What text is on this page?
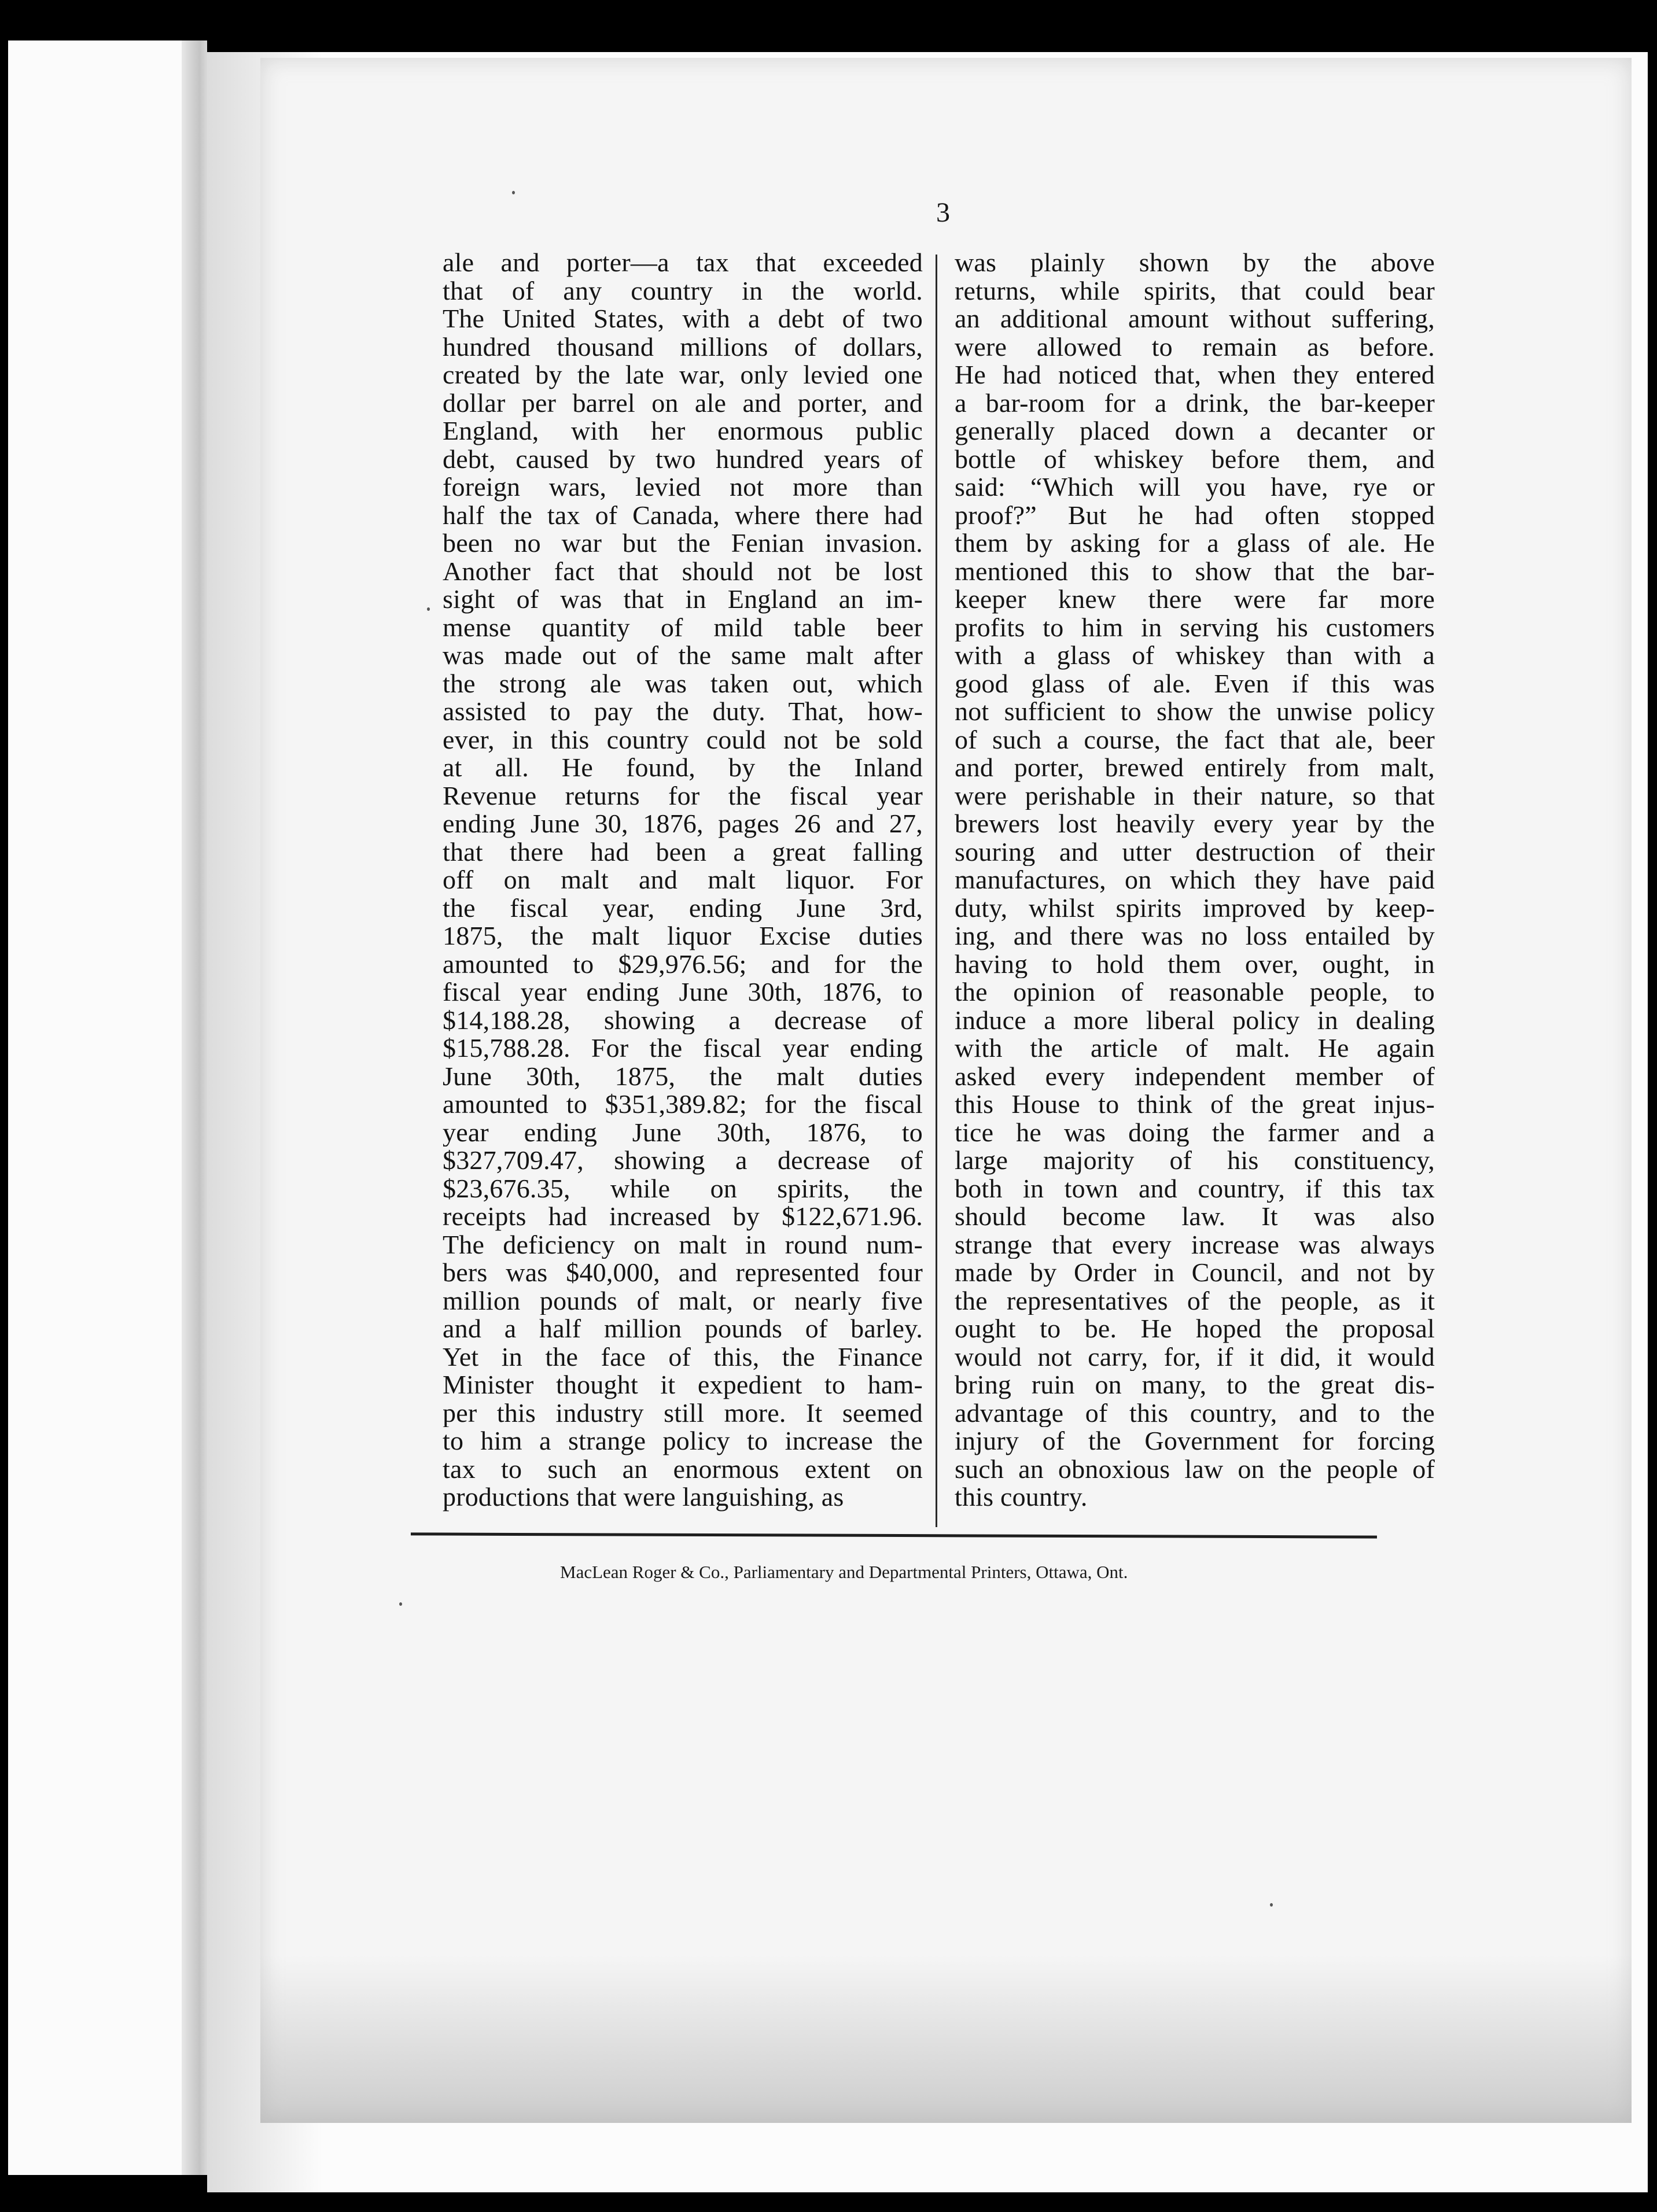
3

ale and porter—a tax that exceeded

that of any country in the world.

The United States, with a debt of two

hundred thousand millions of dollars,

created by the late war, only levied one

dollar per barrel on ale and porter, and

England, with her enormous public

debt, caused by two hundred years of

foreign wars, levied not more than

half the tax of Canada, where there had

been no war but the Fenian invasion.

Another fact that should not be lost

sight of was that in England an im-

mense quantity of mild table beer

was made out of the same malt after

the strong ale was taken out, which

assisted to pay the duty. That, how-

ever, in this country could not be sold

at all. He found, by the Inland

Revenue returns for the fiscal year

ending June 30, 1876, pages 26 and 27,

that there had been a great falling

off on malt and malt liquor. For

the fiscal year, ending June 3rd,

1875, the malt liquor Excise duties

amounted to $29,976.56; and for the

fiscal year ending June 30th, 1876, to

$14,188.28, showing a decrease of

$15,788.28. For the fiscal year ending

June 30th, 1875, the malt duties

amounted to $351,389.82; for the fiscal

year ending June 30th, 1876, to

$327,709.47, showing a decrease of

$23,676.35, while on spirits, the

receipts had increased by $122,671.96.

The deficiency on malt in round num-

bers was $40,000, and represented four

million pounds of malt, or nearly five

and a half million pounds of barley.

Yet in the face of this, the Finance

Minister thought it expedient to ham-

per this industry still more. It seemed

to him a strange policy to increase the

tax to such an enormous extent on

productions that were languishing, as

was plainly shown by the above

returns, while spirits, that could bear

an additional amount without suffering,

were allowed to remain as before.

He had noticed that, when they entered

a bar-room for a drink, the bar-keeper

generally placed down a decanter or

bottle of whiskey before them, and

said: “Which will you have, rye or

proof?” But he had often stopped

them by asking for a glass of ale. He

mentioned this to show that the bar-

keeper knew there were far more

profits to him in serving his customers

with a glass of whiskey than with a

good glass of ale. Even if this was

not sufficient to show the unwise policy

of such a course, the fact that ale, beer

and porter, brewed entirely from malt,

were perishable in their nature, so that

brewers lost heavily every year by the

souring and utter destruction of their

manufactures, on which they have paid

duty, whilst spirits improved by keep-

ing, and there was no loss entailed by

having to hold them over, ought, in

the opinion of reasonable people, to

induce a more liberal policy in dealing

with the article of malt. He again

asked every independent member of

this House to think of the great injus-

tice he was doing the farmer and a

large majority of his constituency,

both in town and country, if this tax

should become law. It was also

strange that every increase was always

made by Order in Council, and not by

the representatives of the people, as it

ought to be. He hoped the proposal

would not carry, for, if it did, it would

bring ruin on many, to the great dis-

advantage of this country, and to the

injury of the Government for forcing

such an obnoxious law on the people of

this country.

MacLean Roger & Co., Parliamentary and Departmental Printers, Ottawa, Ont.
